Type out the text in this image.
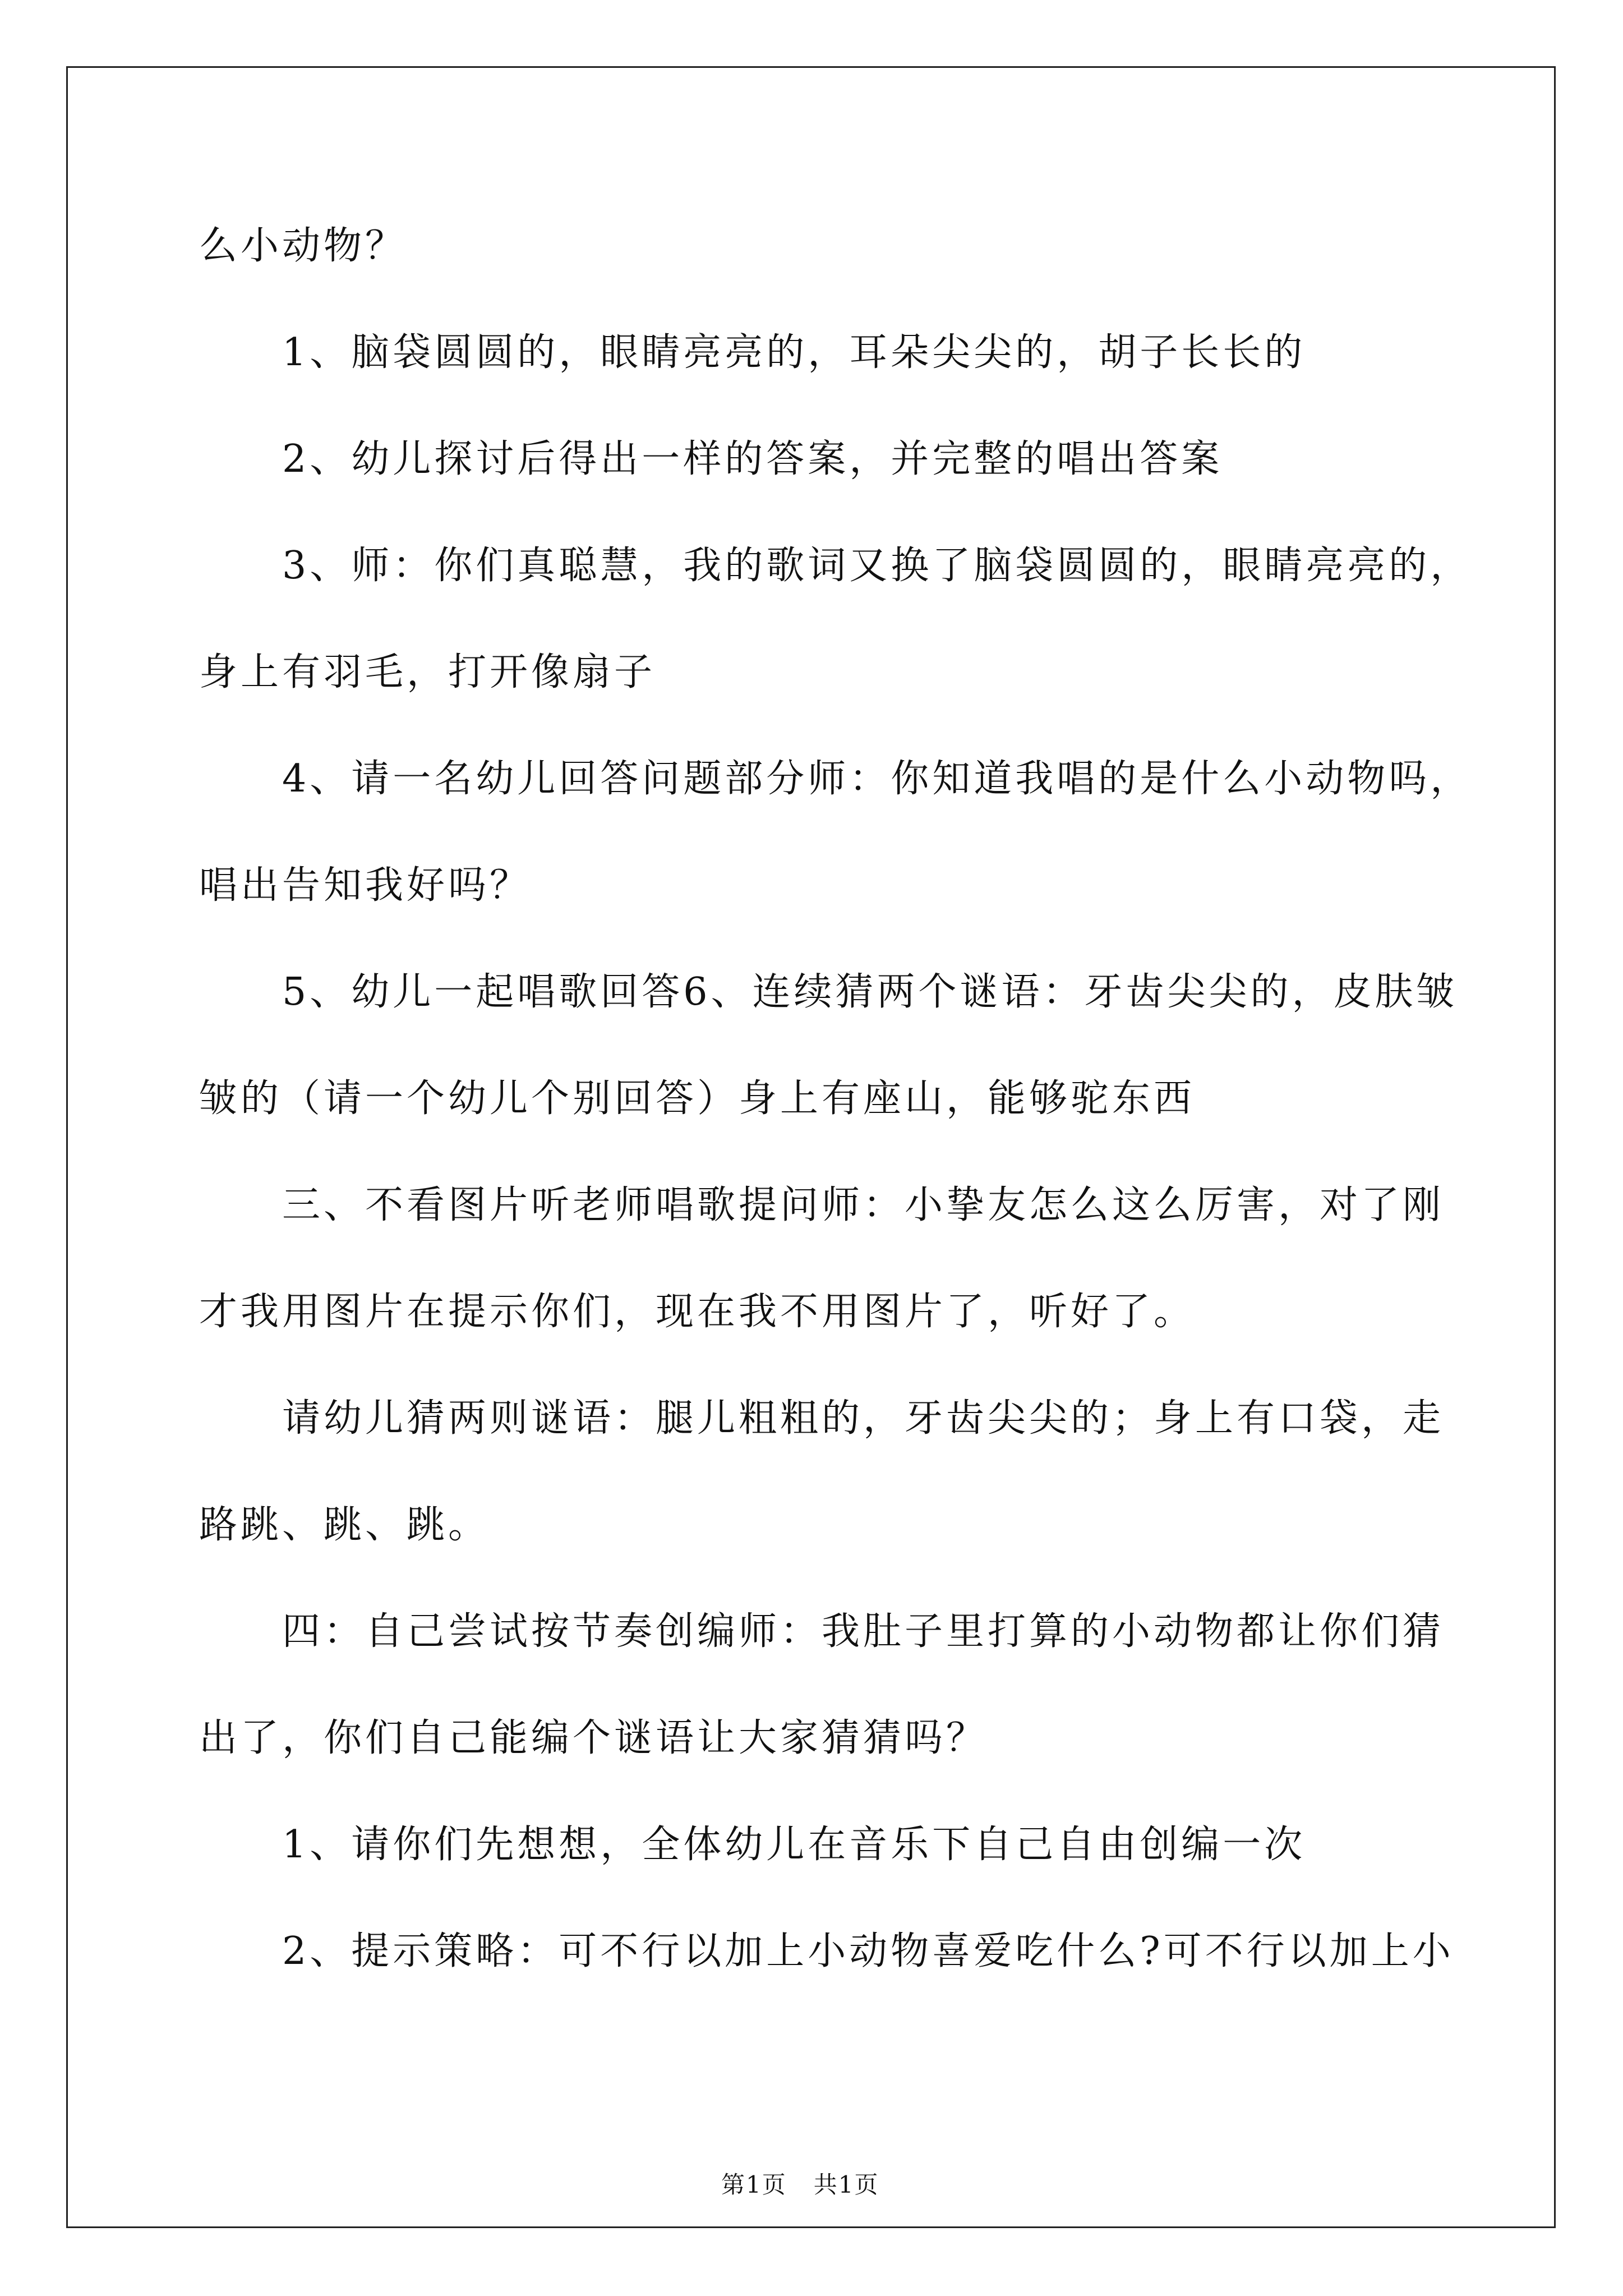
么小动物？
1、脑袋圆圆的，眼睛亮亮的，耳朵尖尖的，胡子长长的
2、幼儿探讨后得出一样的答案，并完整的唱出答案
3、师：你们真聪慧，我的歌词又换了脑袋圆圆的，眼睛亮亮的，
身上有羽毛，打开像扇子
4、请一名幼儿回答问题部分师：你知道我唱的是什么小动物吗，
唱出告知我好吗？
5、幼儿一起唱歌回答6、连续猜两个谜语：牙齿尖尖的，皮肤皱
皱的（请一个幼儿个别回答）身上有座山，能够驼东西
三、不看图片听老师唱歌提问师：小挚友怎么这么厉害，对了刚
才我用图片在提示你们，现在我不用图片了，听好了。
请幼儿猜两则谜语：腿儿粗粗的，牙齿尖尖的；身上有口袋，走
路跳、跳、跳。
四：自己尝试按节奏创编师：我肚子里打算的小动物都让你们猜
出了，你们自己能编个谜语让大家猜猜吗？
1、请你们先想想，全体幼儿在音乐下自己自由创编一次
2、提示策略：可不行以加上小动物喜爱吃什么?可不行以加上小
第1页 共1页
